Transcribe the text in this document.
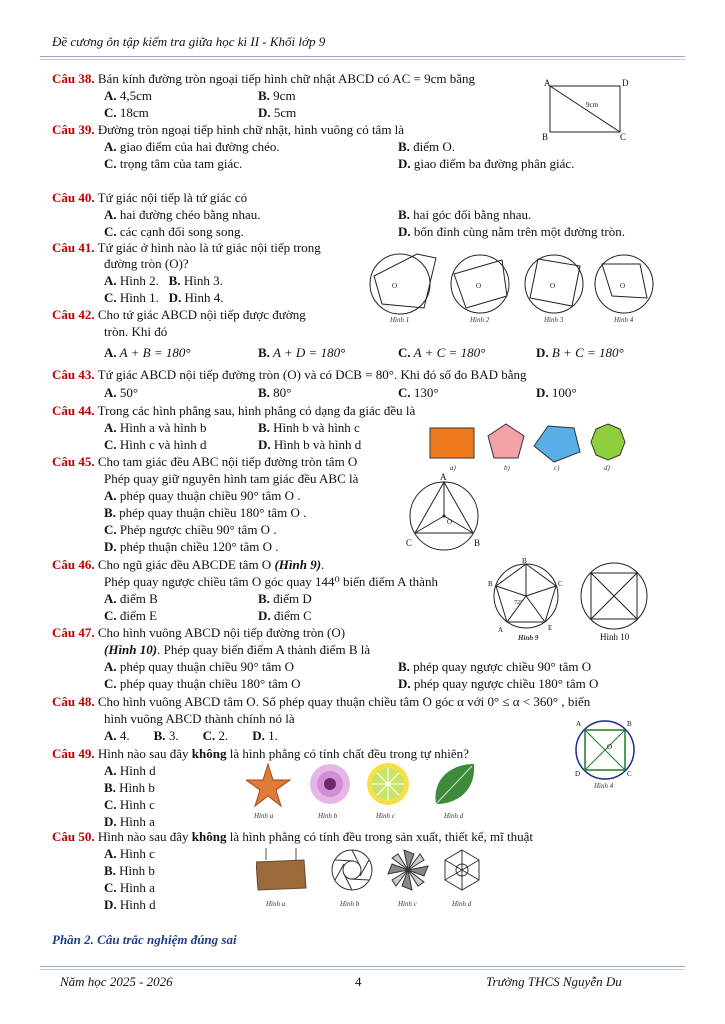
Đề cương ôn tập kiểm tra giữa học kì II - Khối lớp 9
Câu 38. Bán kính đường tròn ngoại tiếp hình chữ nhật ABCD có AC = 9cm bằng
A. 4,5cm	B. 9cm
C. 18cm	D. 5cm
A	D
B	C
9cm
Câu 39. Đường tròn ngoại tiếp hình chữ nhật, hình vuông có tâm là
A. giao điểm của hai đường chéo.	B. điểm O.
C. trọng tâm của tam giác.	D. giao điểm ba đường phân giác.
Câu 40. Tứ giác nội tiếp là tứ giác có
A. hai đường chéo bằng nhau.	B. hai góc đối bằng nhau.
C. các cạnh đối song song.	D. bốn đỉnh cùng nằm trên một đường tròn.
Câu 41. Tứ giác ở hình nào là tứ giác nội tiếp trong
đường tròn (O)?
A. Hình 2. B. Hình 3.
C. Hình 1. D. Hình 4.
O
Hình 1
O
Hình 2
O
Hình 3
O
Hình 4
Câu 42. Cho tứ giác ABCD nội tiếp được đường
tròn. Khi đó
A. A + B = 180°	B. A + D = 180°	C. A + C = 180°	D. B + C = 180°
Câu 43. Tứ giác ABCD nội tiếp đường tròn (O) và có DCB = 80°. Khi đó số đo BAD bằng
A. 50°	B. 80°	C. 130°	D. 100°
Câu 44. Trong các hình phẳng sau, hình phẳng có dạng đa giác đều là
A. Hình a và hình b	B. Hình b và hình c
C. Hình c và hình d	D. Hình b và hình d
a)	b)	c)	d)
Câu 45. Cho tam giác đều ABC nội tiếp đường tròn tâm O
Phép quay giữ nguyên hình tam giác đều ABC là
A. phép quay thuận chiều 90° tâm O .
B. phép quay thuận chiều 180° tâm O .
C. Phép ngược chiều 90° tâm O .
D. phép thuận chiều 120° tâm O .
A
C	B
O
Câu 46. Cho ngũ giác đều ABCDE tâm O (Hình 9).
Phép quay ngược chiều tâm O góc quay 144⁰ biến điểm A thành
A. điểm B	B. điểm D
C. điểm E	D. điểm C
B
C
E
A
B
72°
Hình 9	Hình 10
Câu 47. Cho hình vuông ABCD nội tiếp đường tròn (O)
(Hình 10). Phép quay biến điểm A thành điểm B là
A. phép quay thuận chiều 90° tâm O	B. phép quay ngược chiều 90° tâm O
C. phép quay thuận chiều 180° tâm O	D. phép quay ngược chiều 180° tâm O
Câu 48. Cho hình vuông ABCD tâm O. Số phép quay thuận chiều tâm O góc α với 0° ≤ α < 360° , biến
hình vuông ABCD thành chính nó là
A. 4. B. 3. C. 2. D. 1.
A	B
D	C
O
Hình 4
Câu 49. Hình nào sau đây không là hình phẳng có tính chất đều trong tự nhiên?
A. Hình d
B. Hình b
C. Hình c
D. Hình a	Hình a	Hình b	Hình c	Hình d
Câu 50. Hình nào sau đây không là hình phẳng có tính đều trong sản xuất, thiết kế, mĩ thuật
A. Hình c
B. Hình b
C. Hình a
D. Hình d	Hình a	Hình b	Hình c	Hình d
Phần 2. Câu trắc nghiệm đúng sai
Năm học 2025 - 2026	4	Trường THCS Nguyễn Du
